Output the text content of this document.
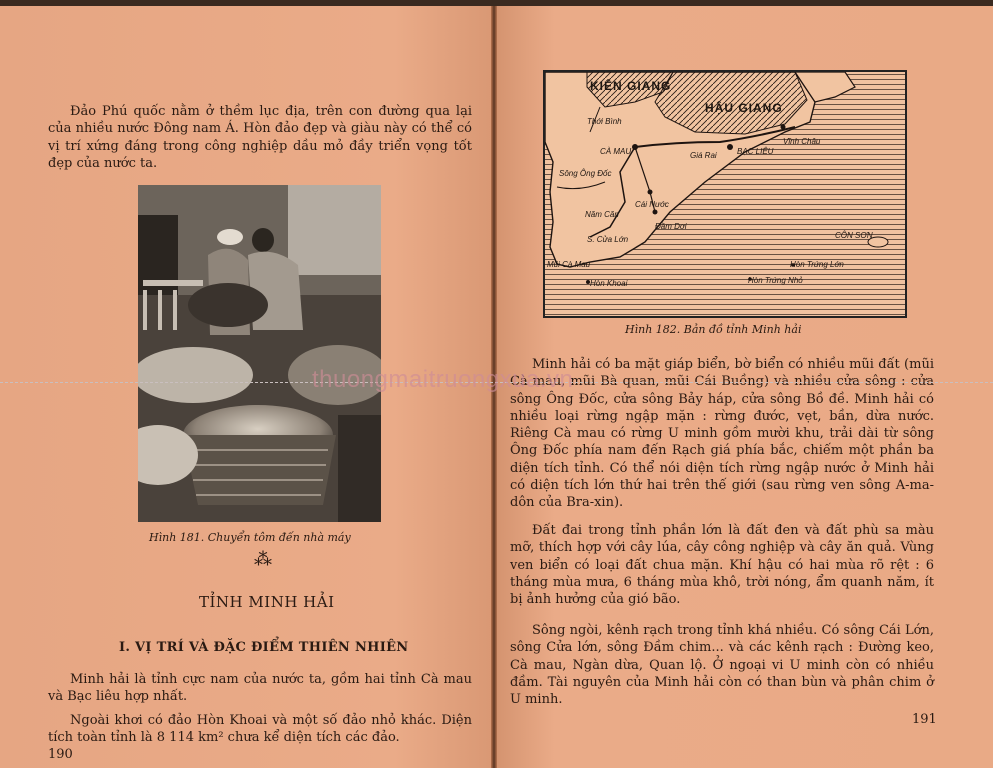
Đảo Phú quốc nằm ở thềm lục địa, trên con đường qua lại của nhiều nước Đông nam Á. Hòn đảo đẹp và giàu này có thể có vị trí xứng đáng trong công nghiệp dầu mỏ đầy triển vọng tốt đẹp của nước ta.
Hình 181. Chuyển tôm đến nhà máy
⁂
TỈNH MINH HẢI
I. VỊ TRÍ VÀ ĐẶC ĐIỂM THIÊN NHIÊN
Minh hải là tỉnh cực nam của nước ta, gồm hai tỉnh Cà mau và Bạc liêu hợp nhất.
Ngoài khơi có đảo Hòn Khoai và một số đảo nhỏ khác. Diện tích toàn tỉnh là 8 114 km² chưa kể diện tích các đảo.
190
KIÊN GIANG
HẬU GIANG
Thới Bình
CÀ MAU	Giá Rai	BẠC LIÊU
Vĩnh Châu
Sông Ông Đốc
Cái Nước
Năm Căn
Đầm Dơi
S. Cửa Lớn	CÔN SƠN
Mũi Cà Mau
Hòn Khoai
Hòn Trứng Lớn
Hòn Trứng Nhỏ
Hình 182. Bản đồ tỉnh Minh hải
Minh hải có ba mặt giáp biển, bờ biển có nhiều mũi đất (mũi Cà mau, mũi Bà quan, mũi Cái Buồng) và nhiều cửa sông : cửa sông Ông Đốc, cửa sông Bảy háp, cửa sông Bồ đề. Minh hải có nhiều loại rừng ngập mặn : rừng đước, vẹt, bần, dừa nước. Riêng Cà mau có rừng U minh gồm mười khu, trải dài từ sông Ông Đốc phía nam đến Rạch giá phía bắc, chiếm một phần ba diện tích tỉnh. Có thể nói diện tích rừng ngập nước ở Minh hải có diện tích lớn thứ hai trên thế giới (sau rừng ven sông A-ma-dôn của Bra-xin).
Đất đai trong tỉnh phần lớn là đất đen và đất phù sa màu mỡ, thích hợp với cây lúa, cây công nghiệp và cây ăn quả. Vùng ven biển có loại đất chua mặn. Khí hậu có hai mùa rõ rệt : 6 tháng mùa mưa, 6 tháng mùa khô, trời nóng, ẩm quanh năm, ít bị ảnh hưởng của gió bão.
Sông ngòi, kênh rạch trong tỉnh khá nhiều. Có sông Cái Lớn, sông Cửa lớn, sông Đầm chim... và các kênh rạch : Đường keo, Cà mau, Ngàn dừa, Quan lộ. Ở ngoại vi U minh còn có nhiều đầm. Tài nguyên của Minh hải còn có than bùn và phân chim ở U minh.
191
thuongmaitruongxua.vn
